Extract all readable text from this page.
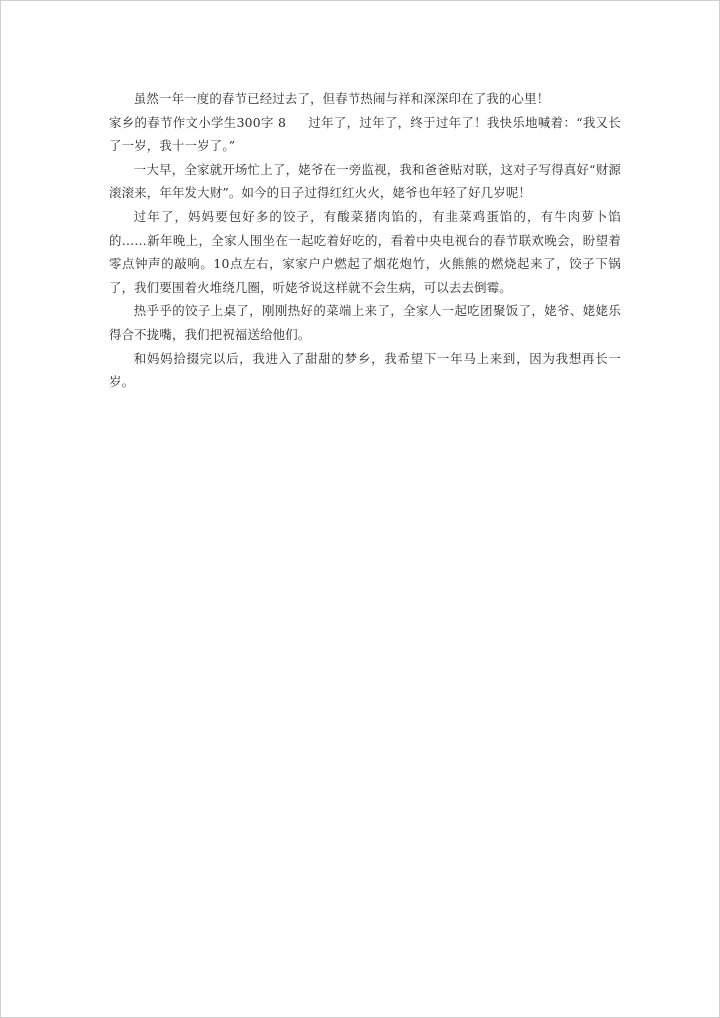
虽然一年一度的春节已经过去了，但春节热闹与祥和深深印在了我的心里！

家乡的春节作文小学生300字 8 过年了，过年了，终于过年了！我快乐地喊着：“我又长了一岁，我十一岁了。”

一大早，全家就开场忙上了，姥爷在一旁监视，我和爸爸贴对联，这对子写得真好“财源滚滚来，年年发大财”。如今的日子过得红红火火，姥爷也年轻了好几岁呢！

过年了，妈妈要包好多的饺子，有酸菜猪肉馅的，有韭菜鸡蛋馅的，有牛肉萝卜馅的……新年晚上，全家人围坐在一起吃着好吃的，看着中央电视台的春节联欢晚会，盼望着零点钟声的敲响。10点左右，家家户户燃起了烟花炮竹，火熊熊的燃烧起来了，饺子下锅了，我们要围着火堆绕几圈，听姥爷说这样就不会生病，可以去去倒霉。

热乎乎的饺子上桌了，刚刚热好的菜端上来了，全家人一起吃团聚饭了，姥爷、姥姥乐得合不拢嘴，我们把祝福送给他们。

和妈妈拾掇完以后，我进入了甜甜的梦乡，我希望下一年马上来到，因为我想再长一岁。
